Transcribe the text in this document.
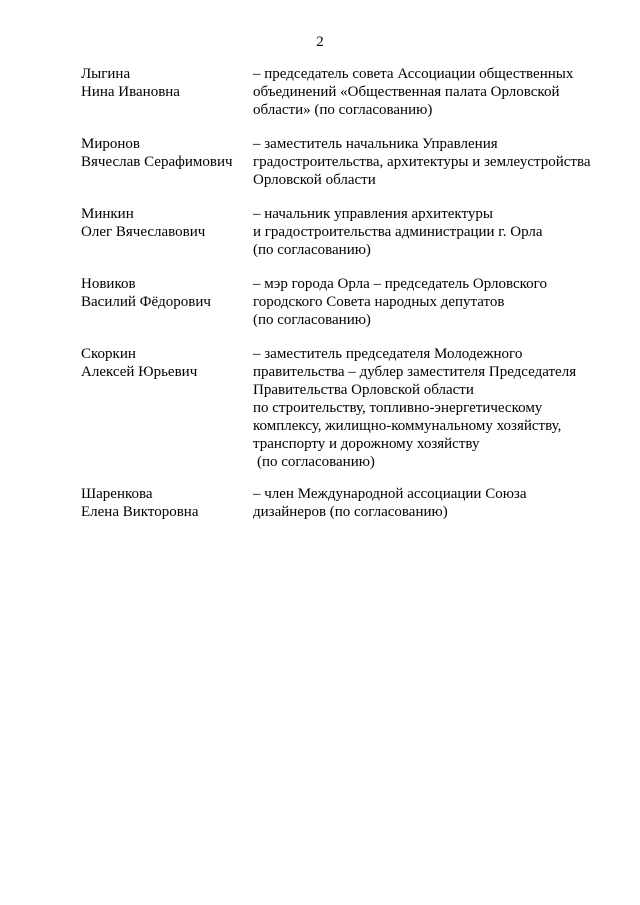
2
Лыгина
Нина Ивановна
– председатель совета Ассоциации общественных
объединений «Общественная палата Орловской
области» (по согласованию)
Миронов
Вячеслав Серафимович
– заместитель начальника Управления
градостроительства, архитектуры и землеустройства
Орловской области
Минкин
Олег Вячеславович
– начальник управления архитектуры
и градостроительства администрации г. Орла
(по согласованию)
Новиков
Василий Фёдорович
– мэр города Орла – председатель Орловского
городского Совета народных депутатов
(по согласованию)
Скоркин
Алексей Юрьевич
– заместитель председателя Молодежного
правительства – дублер заместителя Председателя
Правительства Орловской области
по строительству, топливно-энергетическому
комплексу, жилищно-коммунальному хозяйству,
транспорту и дорожному хозяйству
(по согласованию)
Шаренкова
Елена Викторовна
– член Международной ассоциации Союза
дизайнеров (по согласованию)
